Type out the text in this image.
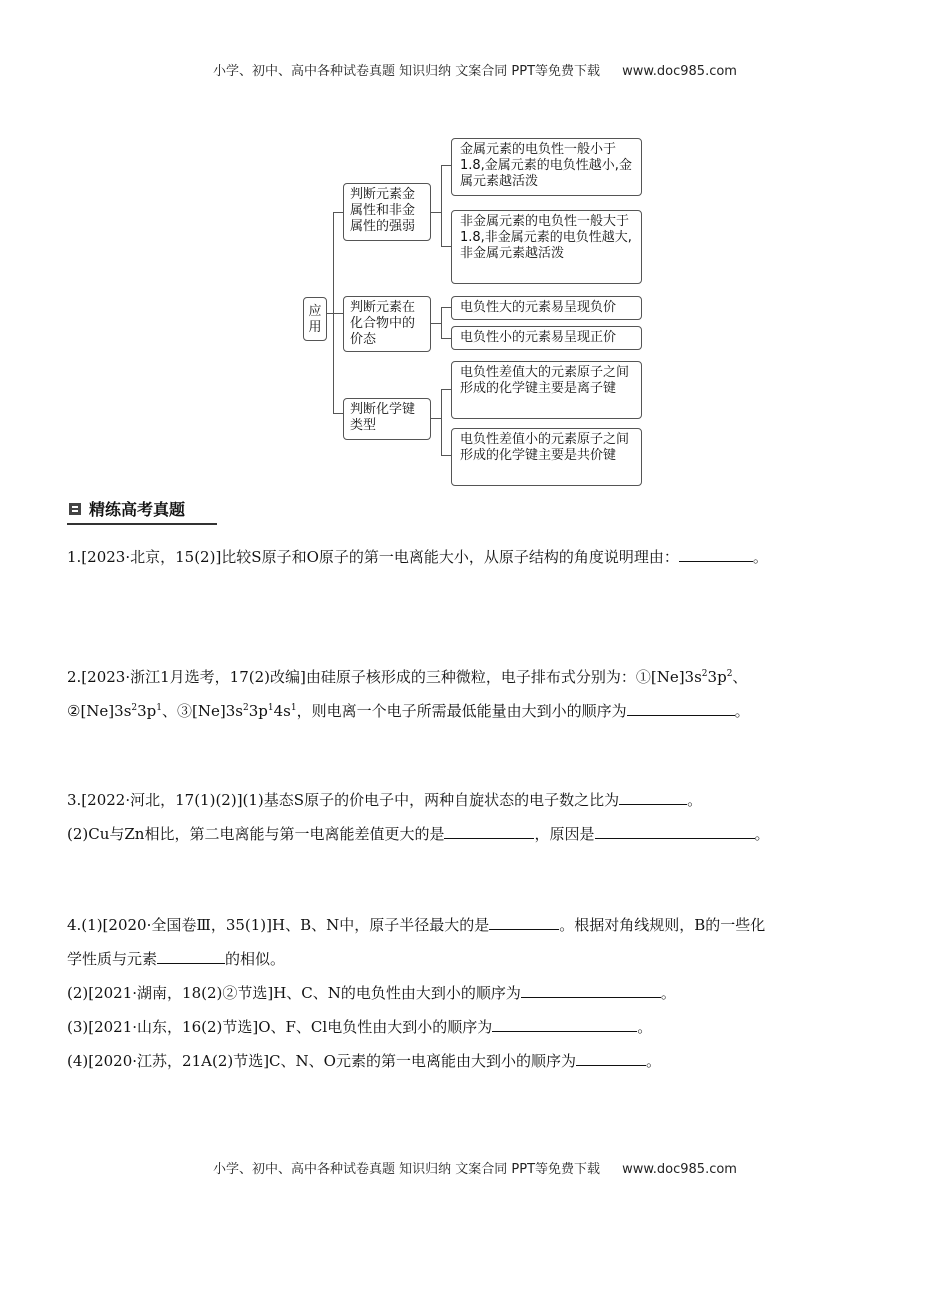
小学、初中、高中各种试卷真题 知识归纳 文案合同 PPT等免费下载 www.doc985.com
应用
判断元素金属性和非金属性的强弱
判断元素在化合物中的价态
判断化学键类型
金属元素的电负性一般小于1.8,金属元素的电负性越小,金属元素越活泼
非金属元素的电负性一般大于1.8,非金属元素的电负性越大,非金属元素越活泼
电负性大的元素易呈现负价
电负性小的元素易呈现正价
电负性差值大的元素原子之间形成的化学键主要是离子键
电负性差值小的元素原子之间形成的化学键主要是共价键
精练高考真题
1.[2023·北京，15(2)]比较S原子和O原子的第一电离能大小，从原子结构的角度说明理由：	。
2.[2023·浙江1月选考，17(2)改编]由硅原子核形成的三种微粒，电子排布式分别为：$①[Ne]3s^23p^2$、
$②[Ne]3s^23p^1$、$③[Ne]3s^23p^14s^1$，则电离一个电子所需最低能量由大到小的顺序为	。
3.[2022·河北，17(1)(2)](1)基态S原子的价电子中，两种自旋状态的电子数之比为	。
(2)Cu与Zn相比，第二电离能与第一电离能差值更大的是	，原因是	。
4.(1)[2020·全国卷Ⅲ，35(1)]H、B、N中，原子半径最大的是	。根据对角线规则，B的一些化
学性质与元素	的相似。
(2)[2021·湖南，18(2)②节选]H、C、N的电负性由大到小的顺序为	。
(3)[2021·山东，16(2)节选]O、F、Cl电负性由大到小的顺序为	。
(4)[2020·江苏，21A(2)节选]C、N、O元素的第一电离能由大到小的顺序为	。
小学、初中、高中各种试卷真题 知识归纳 文案合同 PPT等免费下载 www.doc985.com
